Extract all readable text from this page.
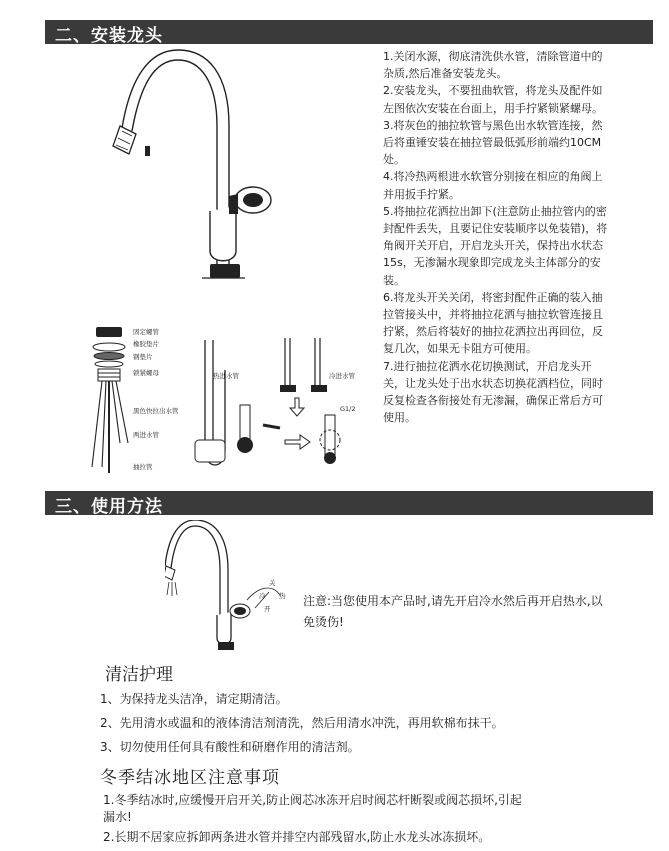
二、安装龙头
固定螺管
橡胶垫片
钢垫片
锁紧螺母
黑色快拉出水管
两进水管
抽拉管
热进水管	冷进水管
G1/2
1.关闭水源，彻底清洗供水管，清除管道中的杂质,然后准备安装龙头。
2.安装龙头，不要扭曲软管，将龙头及配件如左图依次安装在台面上，用手拧紧锁紧螺母。
3.将灰色的抽拉软管与黑色出水软管连接，然后将重锤安装在抽拉管最低弧形前端约10CM处。
4.将冷热两根进水软管分别接在相应的角阀上并用扳手拧紧。
5.将抽拉花洒拉出卸下(注意防止抽拉管内的密封配件丢失，且要记住安装顺序以免装错)，将角阀开关开启，开启龙头开关，保持出水状态15s，无渗漏水现象即完成龙头主体部分的安装。
6.将龙头开关关闭，将密封配件正确的装入抽拉管接头中，并将抽拉花洒与抽拉软管连接且拧紧，然后将装好的抽拉花洒拉出再回位，反复几次，如果无卡阻方可使用。
7.进行抽拉花洒水花切换测试，开启龙头开关，让龙头处于出水状态切换花洒档位，同时反复检查各衔接处有无渗漏，确保正常后方可使用。
三、使用方法
关
冷 热
开
注意:当您使用本产品时,请先开启冷水然后再开启热水,以免烫伤!
清洁护理
1、为保持龙头洁净，请定期清洁。
2、先用清水或温和的液体清洁剂清洗，然后用清水冲洗，再用软棉布抹干。
3、切勿使用任何具有酸性和研磨作用的清洁剂。
冬季结冰地区注意事项
1.冬季结冰时,应缓慢开启开关,防止阀芯冰冻开启时阀芯杆断裂或阀芯损坏,引起漏水!
2.长期不居家应拆卸两条进水管并排空内部残留水,防止水龙头冰冻损坏。
